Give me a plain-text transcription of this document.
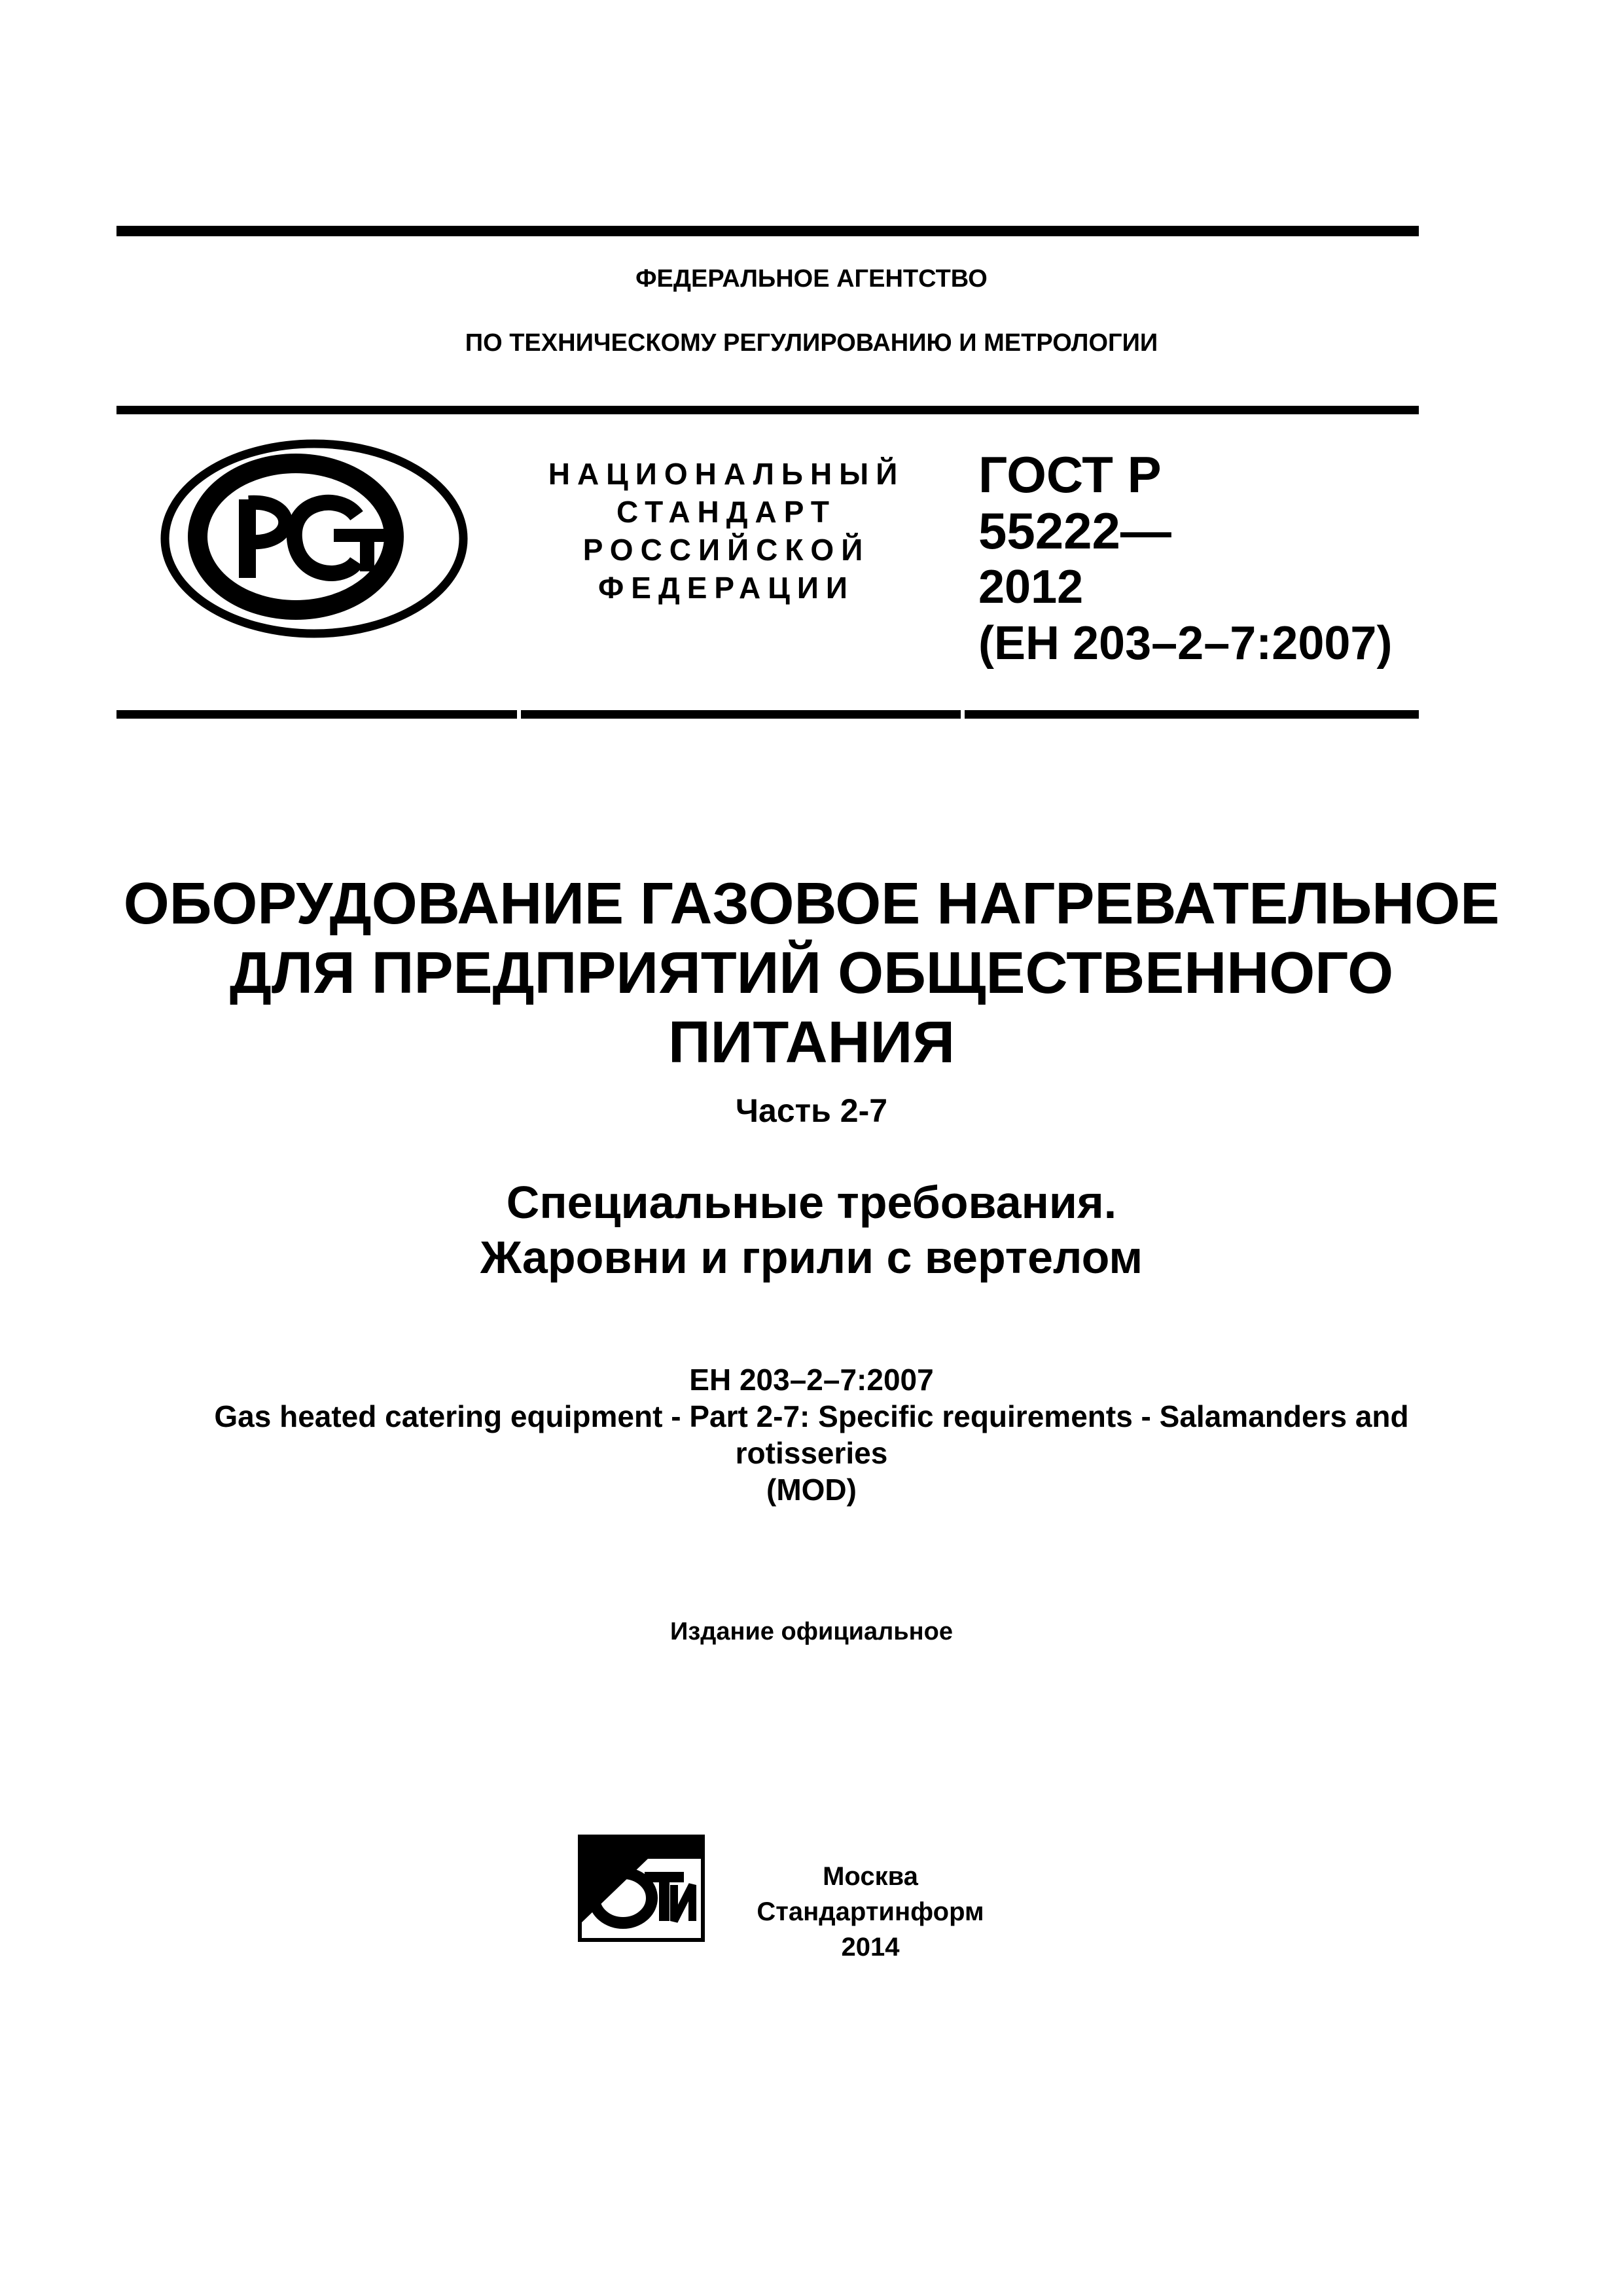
ФЕДЕРАЛЬНОЕ АГЕНТСТВО
ПО ТЕХНИЧЕСКОМУ РЕГУЛИРОВАНИЮ И МЕТРОЛОГИИ
НАЦИОНАЛЬНЫЙ
СТАНДАРТ
РОССИЙСКОЙ
ФЕДЕРАЦИИ
ГОСТ Р
55222—
2012
(ЕН 203–2–7:2007)
ОБОРУДОВАНИЕ ГАЗОВОЕ НАГРЕВАТЕЛЬНОЕ
ДЛЯ ПРЕДПРИЯТИЙ ОБЩЕСТВЕННОГО
ПИТАНИЯ
Часть 2-7
Специальные требования.
Жаровни и грили с вертелом
ЕН 203–2–7:2007
Gas heated catering equipment - Part 2-7: Specific requirements - Salamanders and
rotisseries
(MOD)
Издание официальное
Москва
Стандартинформ
2014
